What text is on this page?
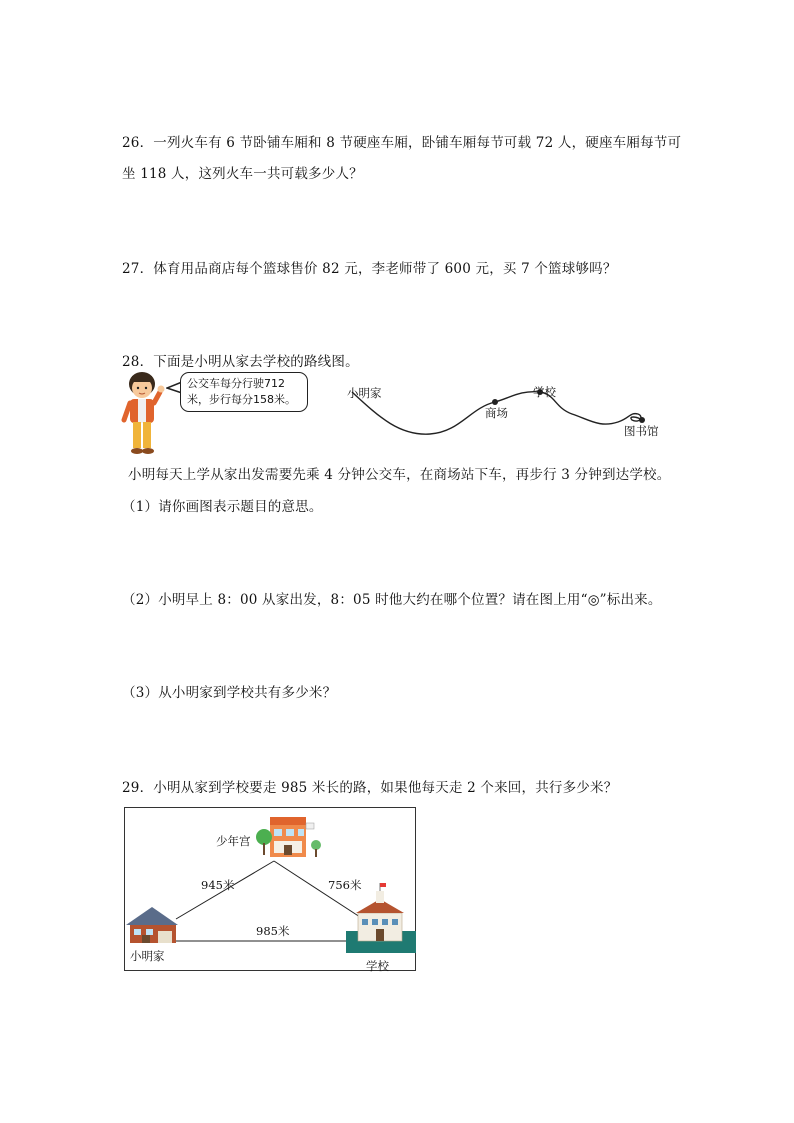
26．一列火车有 6 节卧铺车厢和 8 节硬座车厢，卧铺车厢每节可载 72 人，硬座车厢每节可
坐 118 人，这列火车一共可载多少人？
27．体育用品商店每个篮球售价 82 元，李老师带了 600 元，买 7 个篮球够吗？
28．下面是小明从家去学校的路线图。
公交车每分行驶712
米，步行每分158米。	小明家
商场
学校
图书馆
小明每天上学从家出发需要先乘 4 分钟公交车，在商场站下车，再步行 3 分钟到达学校。
（1）请你画图表示题目的意思。
（2）小明早上 8：00 从家出发，8：05 时他大约在哪个位置？请在图上用“◎”标出来。
（3）从小明家到学校共有多少米？
29．小明从家到学校要走 985 米长的路，如果他每天走 2 个来回，共行多少米？
少年宫
小明家
学校
945米	756米
985米
